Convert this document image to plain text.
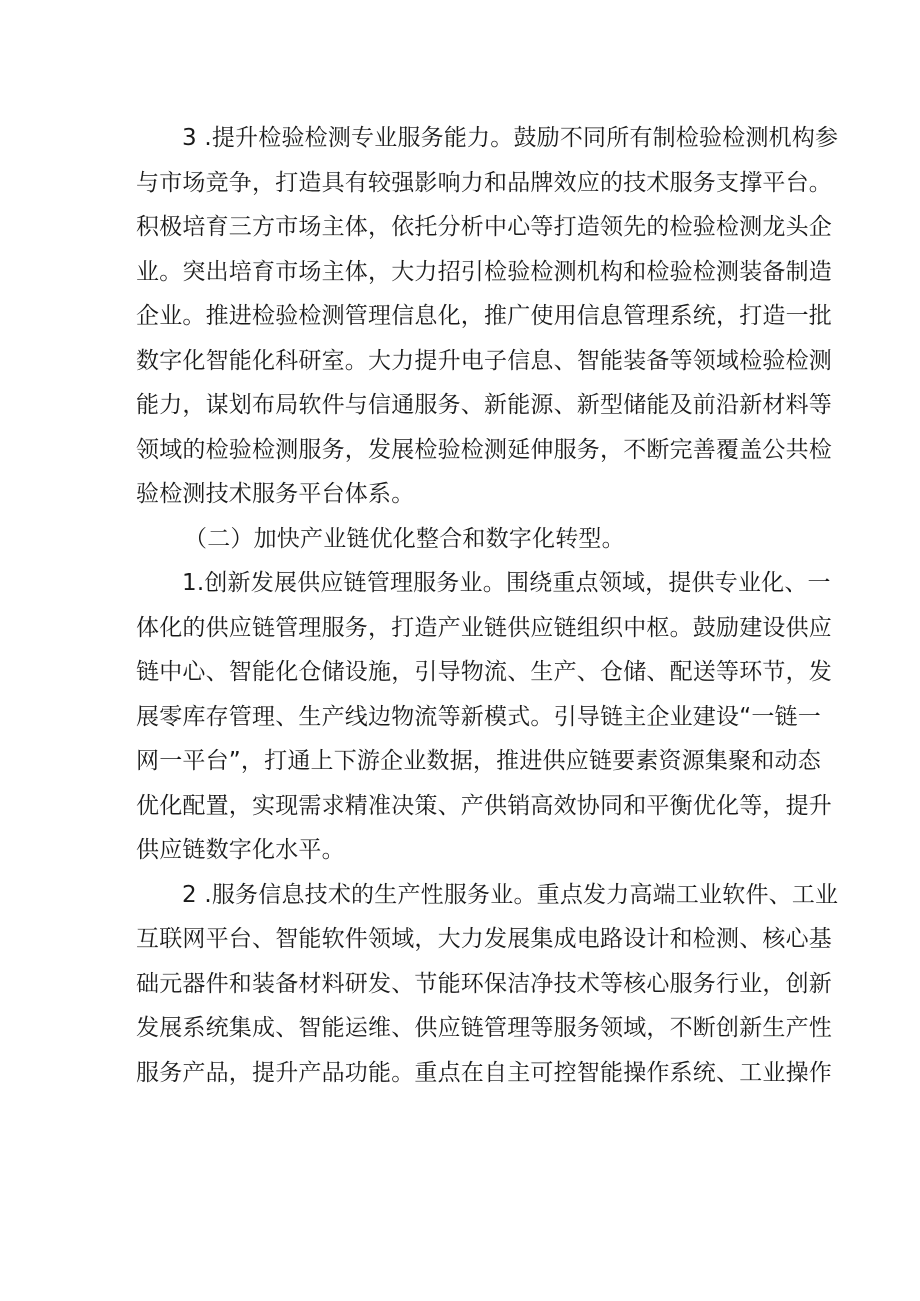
3 .提升检验检测专业服务能力。鼓励不同所有制检验检测机构参
与市场竞争，打造具有较强影响力和品牌效应的技术服务支撑平台。
积极培育三方市场主体，依托分析中心等打造领先的检验检测龙头企
业。突出培育市场主体，大力招引检验检测机构和检验检测装备制造
企业。推进检验检测管理信息化，推广使用信息管理系统，打造一批
数字化智能化科研室。大力提升电子信息、智能装备等领域检验检测
能力，谋划布局软件与信通服务、新能源、新型储能及前沿新材料等
领域的检验检测服务，发展检验检测延伸服务，不断完善覆盖公共检
验检测技术服务平台体系。
（二）加快产业链优化整合和数字化转型。
1.创新发展供应链管理服务业。围绕重点领域，提供专业化、一
体化的供应链管理服务，打造产业链供应链组织中枢。鼓励建设供应
链中心、智能化仓储设施，引导物流、生产、仓储、配送等环节，发
展零库存管理、生产线边物流等新模式。引导链主企业建设“一链一
网一平台”，打通上下游企业数据，推进供应链要素资源集聚和动态
优化配置，实现需求精准决策、产供销高效协同和平衡优化等，提升
供应链数字化水平。
2 .服务信息技术的生产性服务业。重点发力高端工业软件、工业
互联网平台、智能软件领域，大力发展集成电路设计和检测、核心基
础元器件和装备材料研发、节能环保洁净技术等核心服务行业，创新
发展系统集成、智能运维、供应链管理等服务领域，不断创新生产性
服务产品，提升产品功能。重点在自主可控智能操作系统、工业操作
